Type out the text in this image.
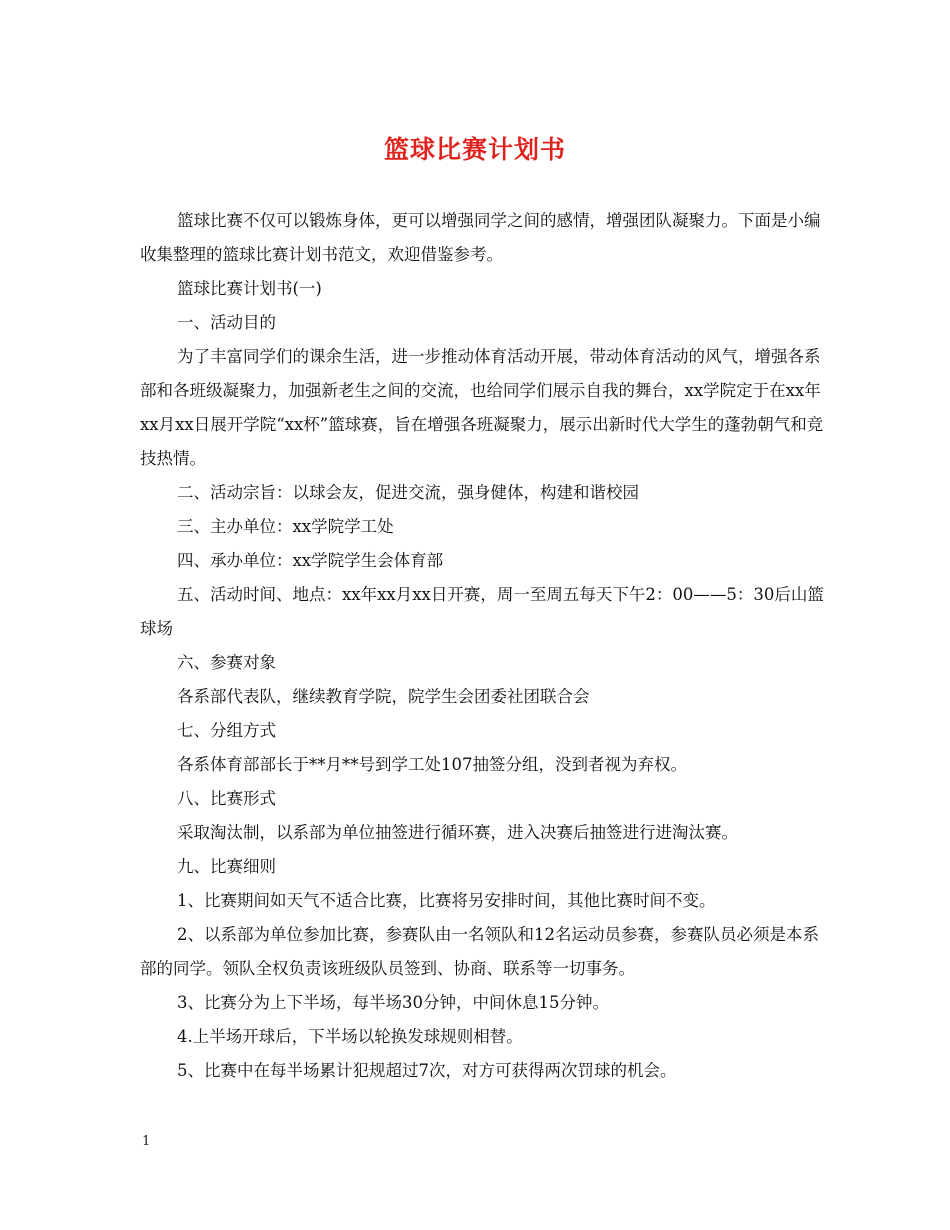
篮球比赛计划书

篮球比赛不仅可以锻炼身体，更可以增强同学之间的感情，增强团队凝聚力。下面是小编收集整理的篮球比赛计划书范文，欢迎借鉴参考。

篮球比赛计划书(一)

一、活动目的

为了丰富同学们的课余生活，进一步推动体育活动开展，带动体育活动的风气，增强各系部和各班级凝聚力，加强新老生之间的交流，也给同学们展示自我的舞台，xx学院定于在xx年xx月xx日展开学院“xx杯”篮球赛，旨在增强各班凝聚力，展示出新时代大学生的蓬勃朝气和竞技热情。

二、活动宗旨：以球会友，促进交流，强身健体，构建和谐校园

三、主办单位：xx学院学工处

四、承办单位：xx学院学生会体育部

五、活动时间、地点：xx年xx月xx日开赛，周一至周五每天下午2：00——5：30后山篮球场

六、参赛对象

各系部代表队，继续教育学院，院学生会团委社团联合会

七、分组方式

各系体育部部长于**月**号到学工处107抽签分组，没到者视为弃权。

八、比赛形式

采取淘汰制，以系部为单位抽签进行循环赛，进入决赛后抽签进行进淘汰赛。

九、比赛细则

1、比赛期间如天气不适合比赛，比赛将另安排时间，其他比赛时间不变。

2、以系部为单位参加比赛，参赛队由一名领队和12名运动员参赛，参赛队员必须是本系部的同学。领队全权负责该班级队员签到、协商、联系等一切事务。

3、比赛分为上下半场，每半场30分钟，中间休息15分钟。

4.上半场开球后，下半场以轮换发球规则相替。

5、比赛中在每半场累计犯规超过7次，对方可获得两次罚球的机会。

1
